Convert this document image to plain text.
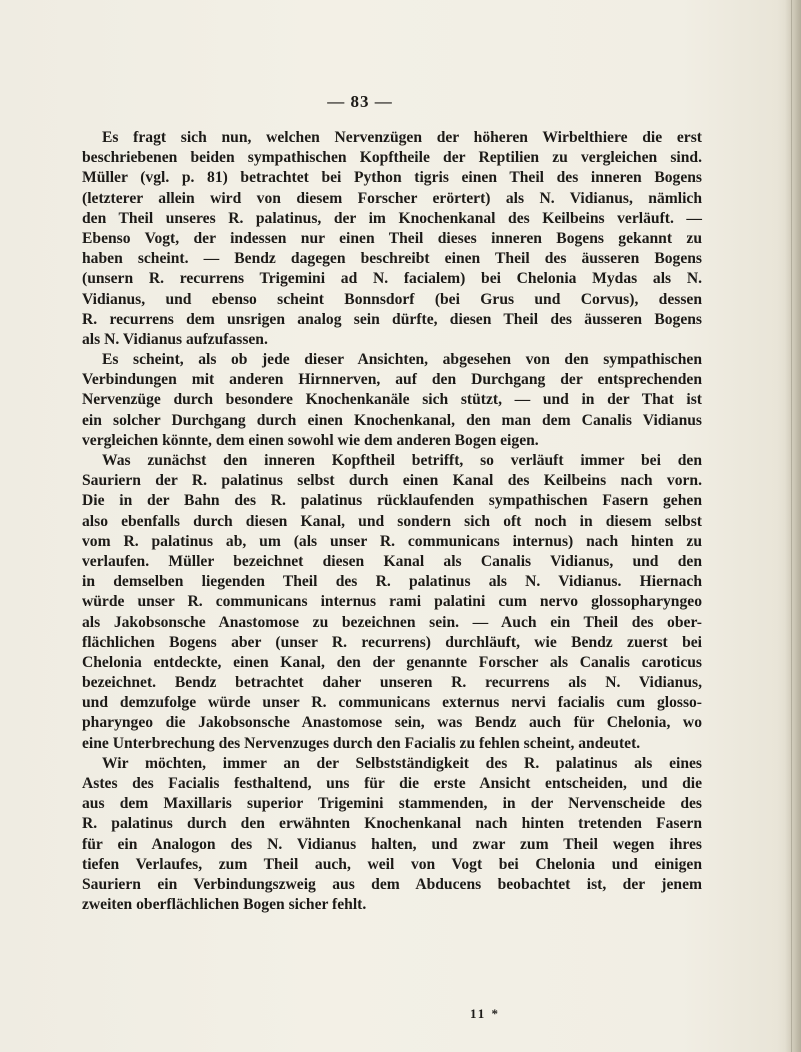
— 83 —
Es fragt sich nun, welchen Nervenzügen der höheren Wirbelthiere die erst
beschriebenen beiden sympathischen Kopftheile der Reptilien zu vergleichen sind.
Müller (vgl. p. 81) betrachtet bei Python tigris einen Theil des inneren Bogens
(letzterer allein wird von diesem Forscher erörtert) als N. Vidianus, nämlich
den Theil unseres R. palatinus, der im Knochenkanal des Keilbeins verläuft. —
Ebenso Vogt, der indessen nur einen Theil dieses inneren Bogens gekannt zu
haben scheint. — Bendz dagegen beschreibt einen Theil des äusseren Bogens
(unsern R. recurrens Trigemini ad N. facialem) bei Chelonia Mydas als N.
Vidianus, und ebenso scheint Bonnsdorf (bei Grus und Corvus), dessen
R. recurrens dem unsrigen analog sein dürfte, diesen Theil des äusseren Bogens
als N. Vidianus aufzufassen.
Es scheint, als ob jede dieser Ansichten, abgesehen von den sympathischen
Verbindungen mit anderen Hirnnerven, auf den Durchgang der entsprechenden
Nervenzüge durch besondere Knochenkanäle sich stützt, — und in der That ist
ein solcher Durchgang durch einen Knochenkanal, den man dem Canalis Vidianus
vergleichen könnte, dem einen sowohl wie dem anderen Bogen eigen.
Was zunächst den inneren Kopftheil betrifft, so verläuft immer bei den
Sauriern der R. palatinus selbst durch einen Kanal des Keilbeins nach vorn.
Die in der Bahn des R. palatinus rücklaufenden sympathischen Fasern gehen
also ebenfalls durch diesen Kanal, und sondern sich oft noch in diesem selbst
vom R. palatinus ab, um (als unser R. communicans internus) nach hinten zu
verlaufen. Müller bezeichnet diesen Kanal als Canalis Vidianus, und den
in demselben liegenden Theil des R. palatinus als N. Vidianus. Hiernach
würde unser R. communicans internus rami palatini cum nervo glossopharyngeo
als Jakobsonsche Anastomose zu bezeichnen sein. — Auch ein Theil des ober-
flächlichen Bogens aber (unser R. recurrens) durchläuft, wie Bendz zuerst bei
Chelonia entdeckte, einen Kanal, den der genannte Forscher als Canalis caroticus
bezeichnet. Bendz betrachtet daher unseren R. recurrens als N. Vidianus,
und demzufolge würde unser R. communicans externus nervi facialis cum glosso-
pharyngeo die Jakobsonsche Anastomose sein, was Bendz auch für Chelonia, wo
eine Unterbrechung des Nervenzuges durch den Facialis zu fehlen scheint, andeutet.
Wir möchten, immer an der Selbstständigkeit des R. palatinus als eines
Astes des Facialis festhaltend, uns für die erste Ansicht entscheiden, und die
aus dem Maxillaris superior Trigemini stammenden, in der Nervenscheide des
R. palatinus durch den erwähnten Knochenkanal nach hinten tretenden Fasern
für ein Analogon des N. Vidianus halten, und zwar zum Theil wegen ihres
tiefen Verlaufes, zum Theil auch, weil von Vogt bei Chelonia und einigen
Sauriern ein Verbindungszweig aus dem Abducens beobachtet ist, der jenem
zweiten oberflächlichen Bogen sicher fehlt.
11 *
